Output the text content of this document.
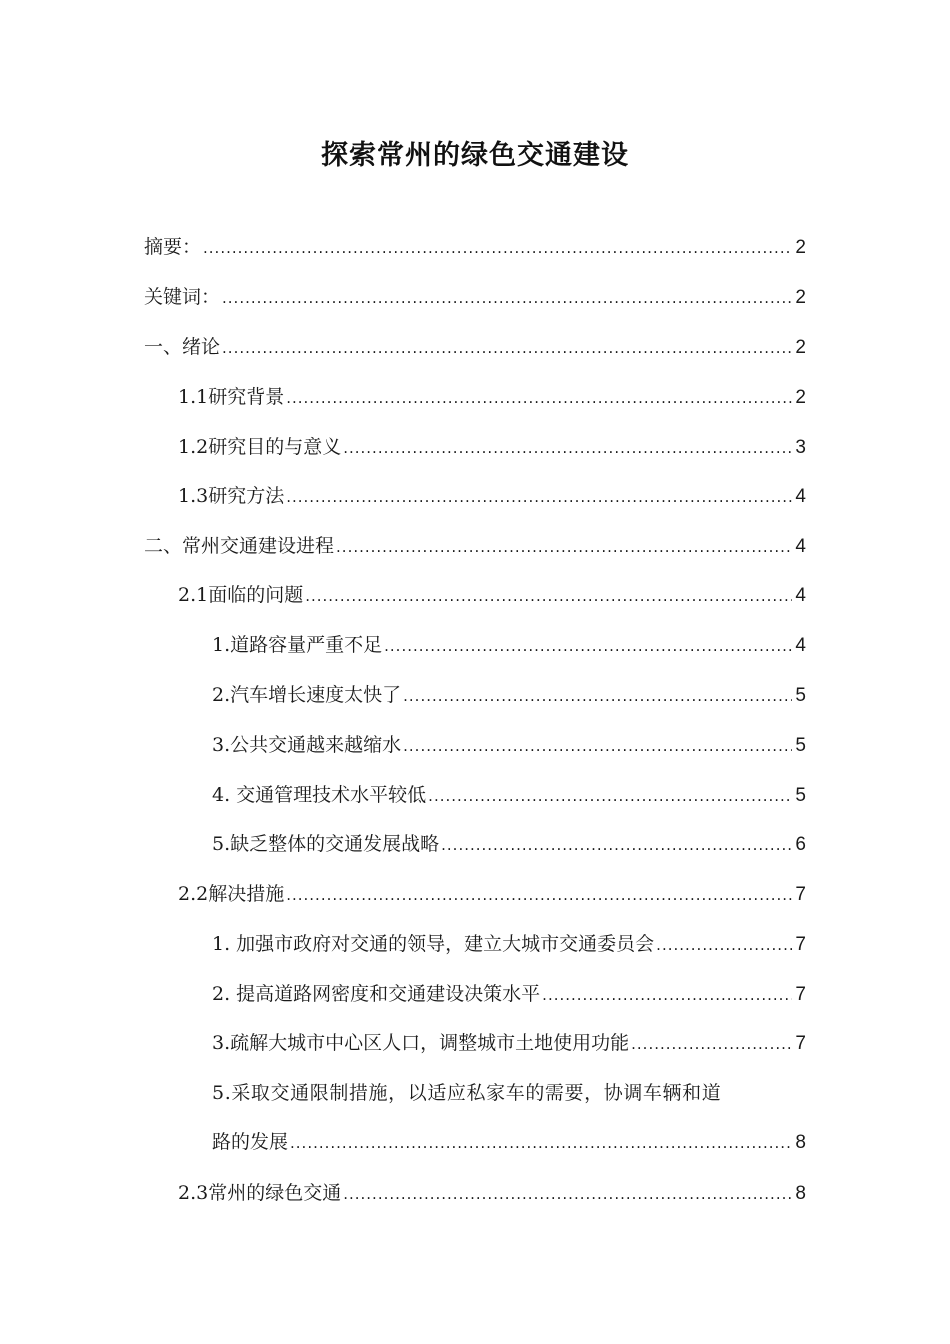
探索常州的绿色交通建设
摘要： .....	2
关键词： .....	2
一、 绪论 .....	2
1.1研究背景 .....	2
1.2研究目的与意义 .....	3
1.3研究方法 .....	4
二、 常州交通建设进程 .....	4
2.1面临的问题 .....	4
1.道路容量严重不足 .....	4
2.汽车增长速度太快了 .....	5
3.公共交通越来越缩水 .....	5
4. 交通管理技术水平较低 .....	5
5.缺乏整体的交通发展战略 .....	6
2.2解决措施 .....	7
1. 加强市政府对交通的领导，建立大城市交通委员会 .....	7
2. 提高道路网密度和交通建设决策水平 .....	7
3.疏解大城市中心区人口，调整城市土地使用功能 .....	7
5.采取交通限制措施，以适应私家车的需要，协调车辆和道
路的发展 .....	8
2.3常州的绿色交通 .....	8
